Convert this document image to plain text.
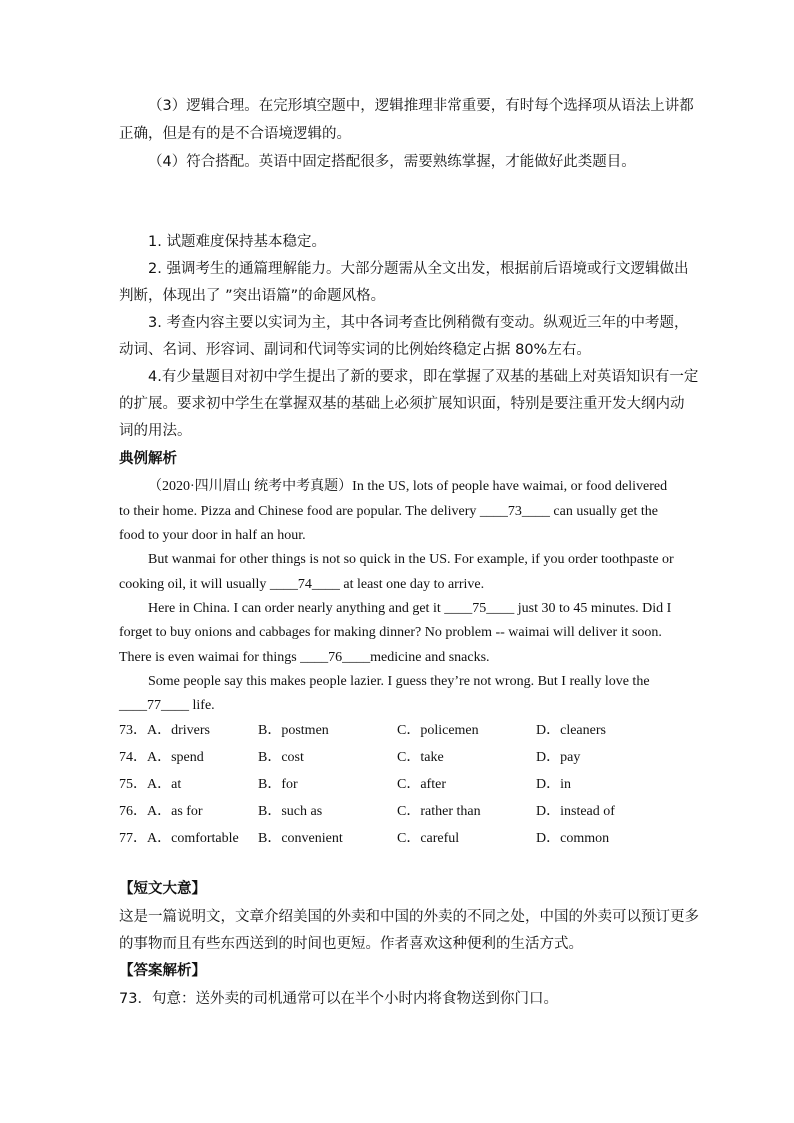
（3）逻辑合理。在完形填空题中，逻辑推理非常重要，有时每个选择项从语法上讲都
正确，但是有的是不合语境逻辑的。
（4）符合搭配。英语中固定搭配很多，需要熟练掌握，才能做好此类题目。
1. 试题难度保持基本稳定。
2. 强调考生的通篇理解能力。大部分题需从全文出发，根据前后语境或行文逻辑做出
判断，体现出了 ”突出语篇”的命题风格。
3. 考查内容主要以实词为主，其中各词考查比例稍微有变动。纵观近三年的中考题，
动词、名词、形容词、副词和代词等实词的比例始终稳定占据 80%左右。
4.有少量题目对初中学生提出了新的要求，即在掌握了双基的基础上对英语知识有一定
的扩展。要求初中学生在掌握双基的基础上必须扩展知识面，特别是要注重开发大纲内动
词的用法。
典例解析
（2020·四川眉山 统考中考真题）In the US, lots of people have waimai, or food delivered
to their home. Pizza and Chinese food are popular. The delivery ____73____ can usually get the
food to your door in half an hour.
But wanmai for other things is not so quick in the US. For example, if you order toothpaste or
cooking oil, it will usually ____74____ at least one day to arrive.
Here in China. I can order nearly anything and get it ____75____ just 30 to 45 minutes. Did I
forget to buy onions and cabbages for making dinner? No problem -- waimai will deliver it soon.
There is even waimai for things ____76____medicine and snacks.
Some people say this makes people lazier. I guess they’re not wrong. But I really love the
____77____ life.
73．A．drivers	B．postmen	C．policemen	D．cleaners
74．A．spend	B．cost	C．take	D．pay
75．A．at	B．for	C．after	D．in
76．A．as for	B．such as	C．rather than	D．instead of
77．A．comfortable B．convenient	C．careful	D．common
【短文大意】
这是一篇说明文，文章介绍美国的外卖和中国的外卖的不同之处，中国的外卖可以预订更多
的事物而且有些东西送到的时间也更短。作者喜欢这种便利的生活方式。
【答案解析】
73．句意：送外卖的司机通常可以在半个小时内将食物送到你门口。
